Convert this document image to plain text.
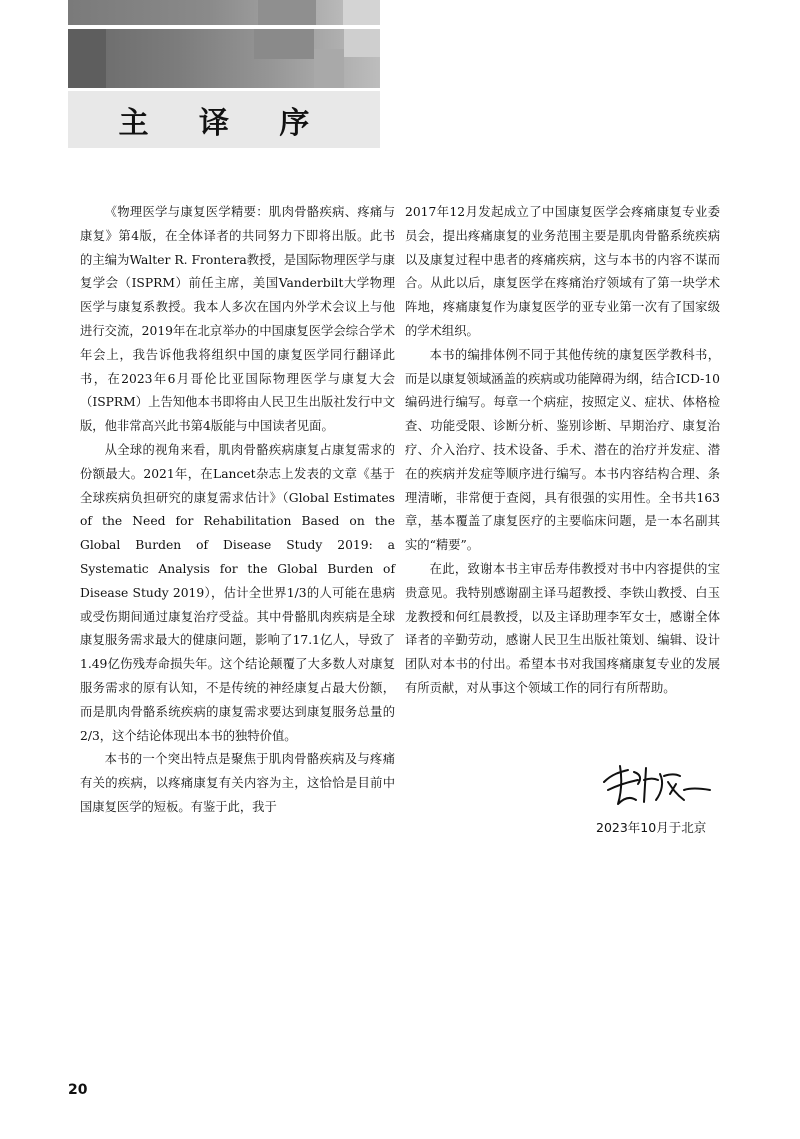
主 译 序

《物理医学与康复医学精要：肌肉骨骼疾病、疼痛与康复》第4版，在全体译者的共同努力下即将出版。此书的主编为Walter R. Frontera教授，是国际物理医学与康复学会（ISPRM）前任主席，美国Vanderbilt大学物理医学与康复系教授。我本人多次在国内外学术会议上与他进行交流，2019年在北京举办的中国康复医学会综合学术年会上，我告诉他我将组织中国的康复医学同行翻译此书，在2023年6月哥伦比亚国际物理医学与康复大会（ISPRM）上告知他本书即将由人民卫生出版社发行中文版，他非常高兴此书第4版能与中国读者见面。

从全球的视角来看，肌肉骨骼疾病康复占康复需求的份额最大。2021年，在Lancet杂志上发表的文章《基于全球疾病负担研究的康复需求估计》（Global Estimates of the Need for Rehabilitation Based on the Global Burden of Disease Study 2019: a Systematic Analysis for the Global Burden of Disease Study 2019），估计全世界1/3的人可能在患病或受伤期间通过康复治疗受益。其中骨骼肌肉疾病是全球康复服务需求最大的健康问题，影响了17.1亿人，导致了1.49亿伤残寿命损失年。这个结论颠覆了大多数人对康复服务需求的原有认知，不是传统的神经康复占最大份额，而是肌肉骨骼系统疾病的康复需求要达到康复服务总量的2/3，这个结论体现出本书的独特价值。

本书的一个突出特点是聚焦于肌肉骨骼疾病及与疼痛有关的疾病，以疼痛康复有关内容为主，这恰恰是目前中国康复医学的短板。有鉴于此，我于

2017年12月发起成立了中国康复医学会疼痛康复专业委员会，提出疼痛康复的业务范围主要是肌肉骨骼系统疾病以及康复过程中患者的疼痛疾病，这与本书的内容不谋而合。从此以后，康复医学在疼痛治疗领域有了第一块学术阵地，疼痛康复作为康复医学的亚专业第一次有了国家级的学术组织。

本书的编排体例不同于其他传统的康复医学教科书，而是以康复领域涵盖的疾病或功能障碍为纲，结合ICD-10编码进行编写。每章一个病症，按照定义、症状、体格检查、功能受限、诊断分析、鉴别诊断、早期治疗、康复治疗、介入治疗、技术设备、手术、潜在的治疗并发症、潜在的疾病并发症等顺序进行编写。本书内容结构合理、条理清晰，非常便于查阅，具有很强的实用性。全书共163章，基本覆盖了康复医疗的主要临床问题，是一本名副其实的“精要”。

在此，致谢本书主审岳寿伟教授对书中内容提供的宝贵意见。我特别感谢副主译马超教授、李铁山教授、白玉龙教授和何红晨教授，以及主译助理李军女士，感谢全体译者的辛勤劳动，感谢人民卫生出版社策划、编辑、设计团队对本书的付出。希望本书对我国疼痛康复专业的发展有所贡献，对从事这个领域工作的同行有所帮助。

2023年10月于北京
20
